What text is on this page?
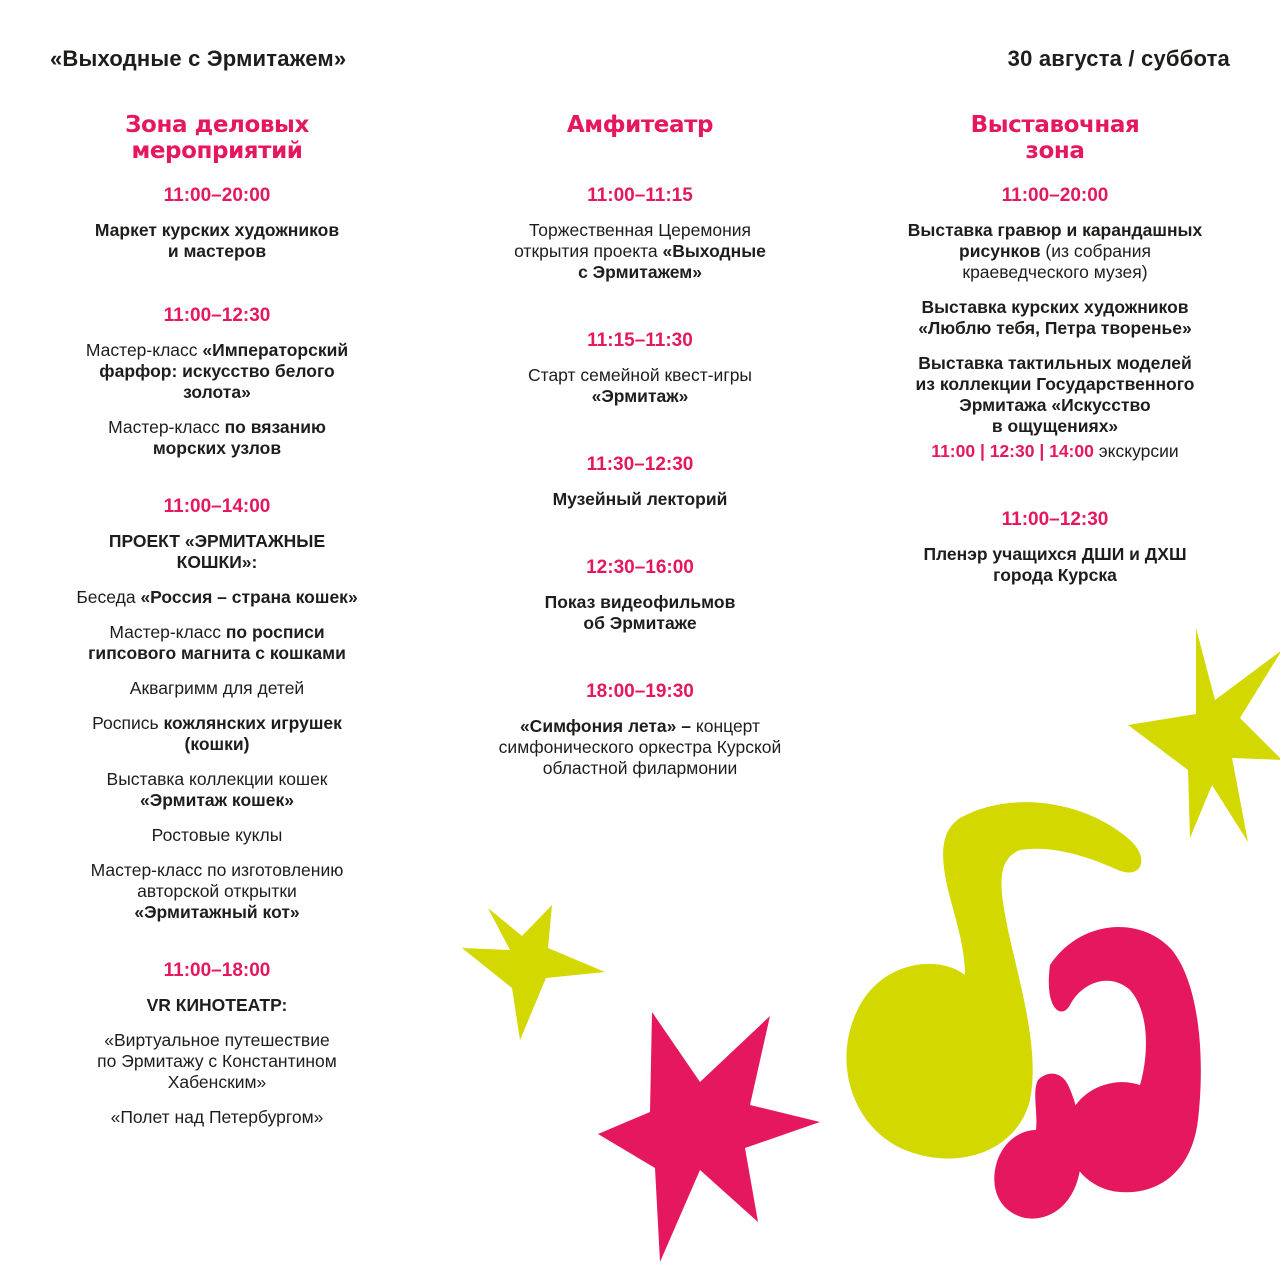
«Выходные с Эрмитажем»	30 августа / суббота
Зона деловых
мероприятий
11:00–20:00
Маркет курских художников
и мастеров
11:00–12:30
Мастер-класс «Императорский
фарфор: искусство белого
золота»
Мастер-класс по вязанию
морских узлов
11:00–14:00
ПРОЕКТ «ЭРМИТАЖНЫЕ
КОШКИ»:
Беседа «Россия – страна кошек»
Мастер-класс по росписи
гипсового магнита с кошками
Аквагримм для детей
Роспись кожлянских игрушек
(кошки)
Выставка коллекции кошек
«Эрмитаж кошек»
Ростовые куклы
Мастер-класс по изготовлению
авторской открытки
«Эрмитажный кот»
11:00–18:00
VR КИНОТЕАТР:
«Виртуальное путешествие
по Эрмитажу с Константином
Хабенским»
«Полет над Петербургом»
Амфитеатр
11:00–11:15
Торжественная Церемония
открытия проекта «Выходные
с Эрмитажем»
11:15–11:30
Старт семейной квест-игры
«Эрмитаж»
11:30–12:30
Музейный лекторий
12:30–16:00
Показ видеофильмов
об Эрмитаже
18:00–19:30
«Симфония лета» – концерт
симфонического оркестра Курской
областной филармонии
Выставочная
зона
11:00–20:00
Выставка гравюр и карандашных
рисунков (из собрания
краеведческого музея)
Выставка курских художников
«Люблю тебя, Петра творенье»
Выставка тактильных моделей
из коллекции Государственного
Эрмитажа «Искусство
в ощущениях»
11:00 | 12:30 | 14:00 экскурсии
11:00–12:30
Пленэр учащихся ДШИ и ДХШ
города Курска
